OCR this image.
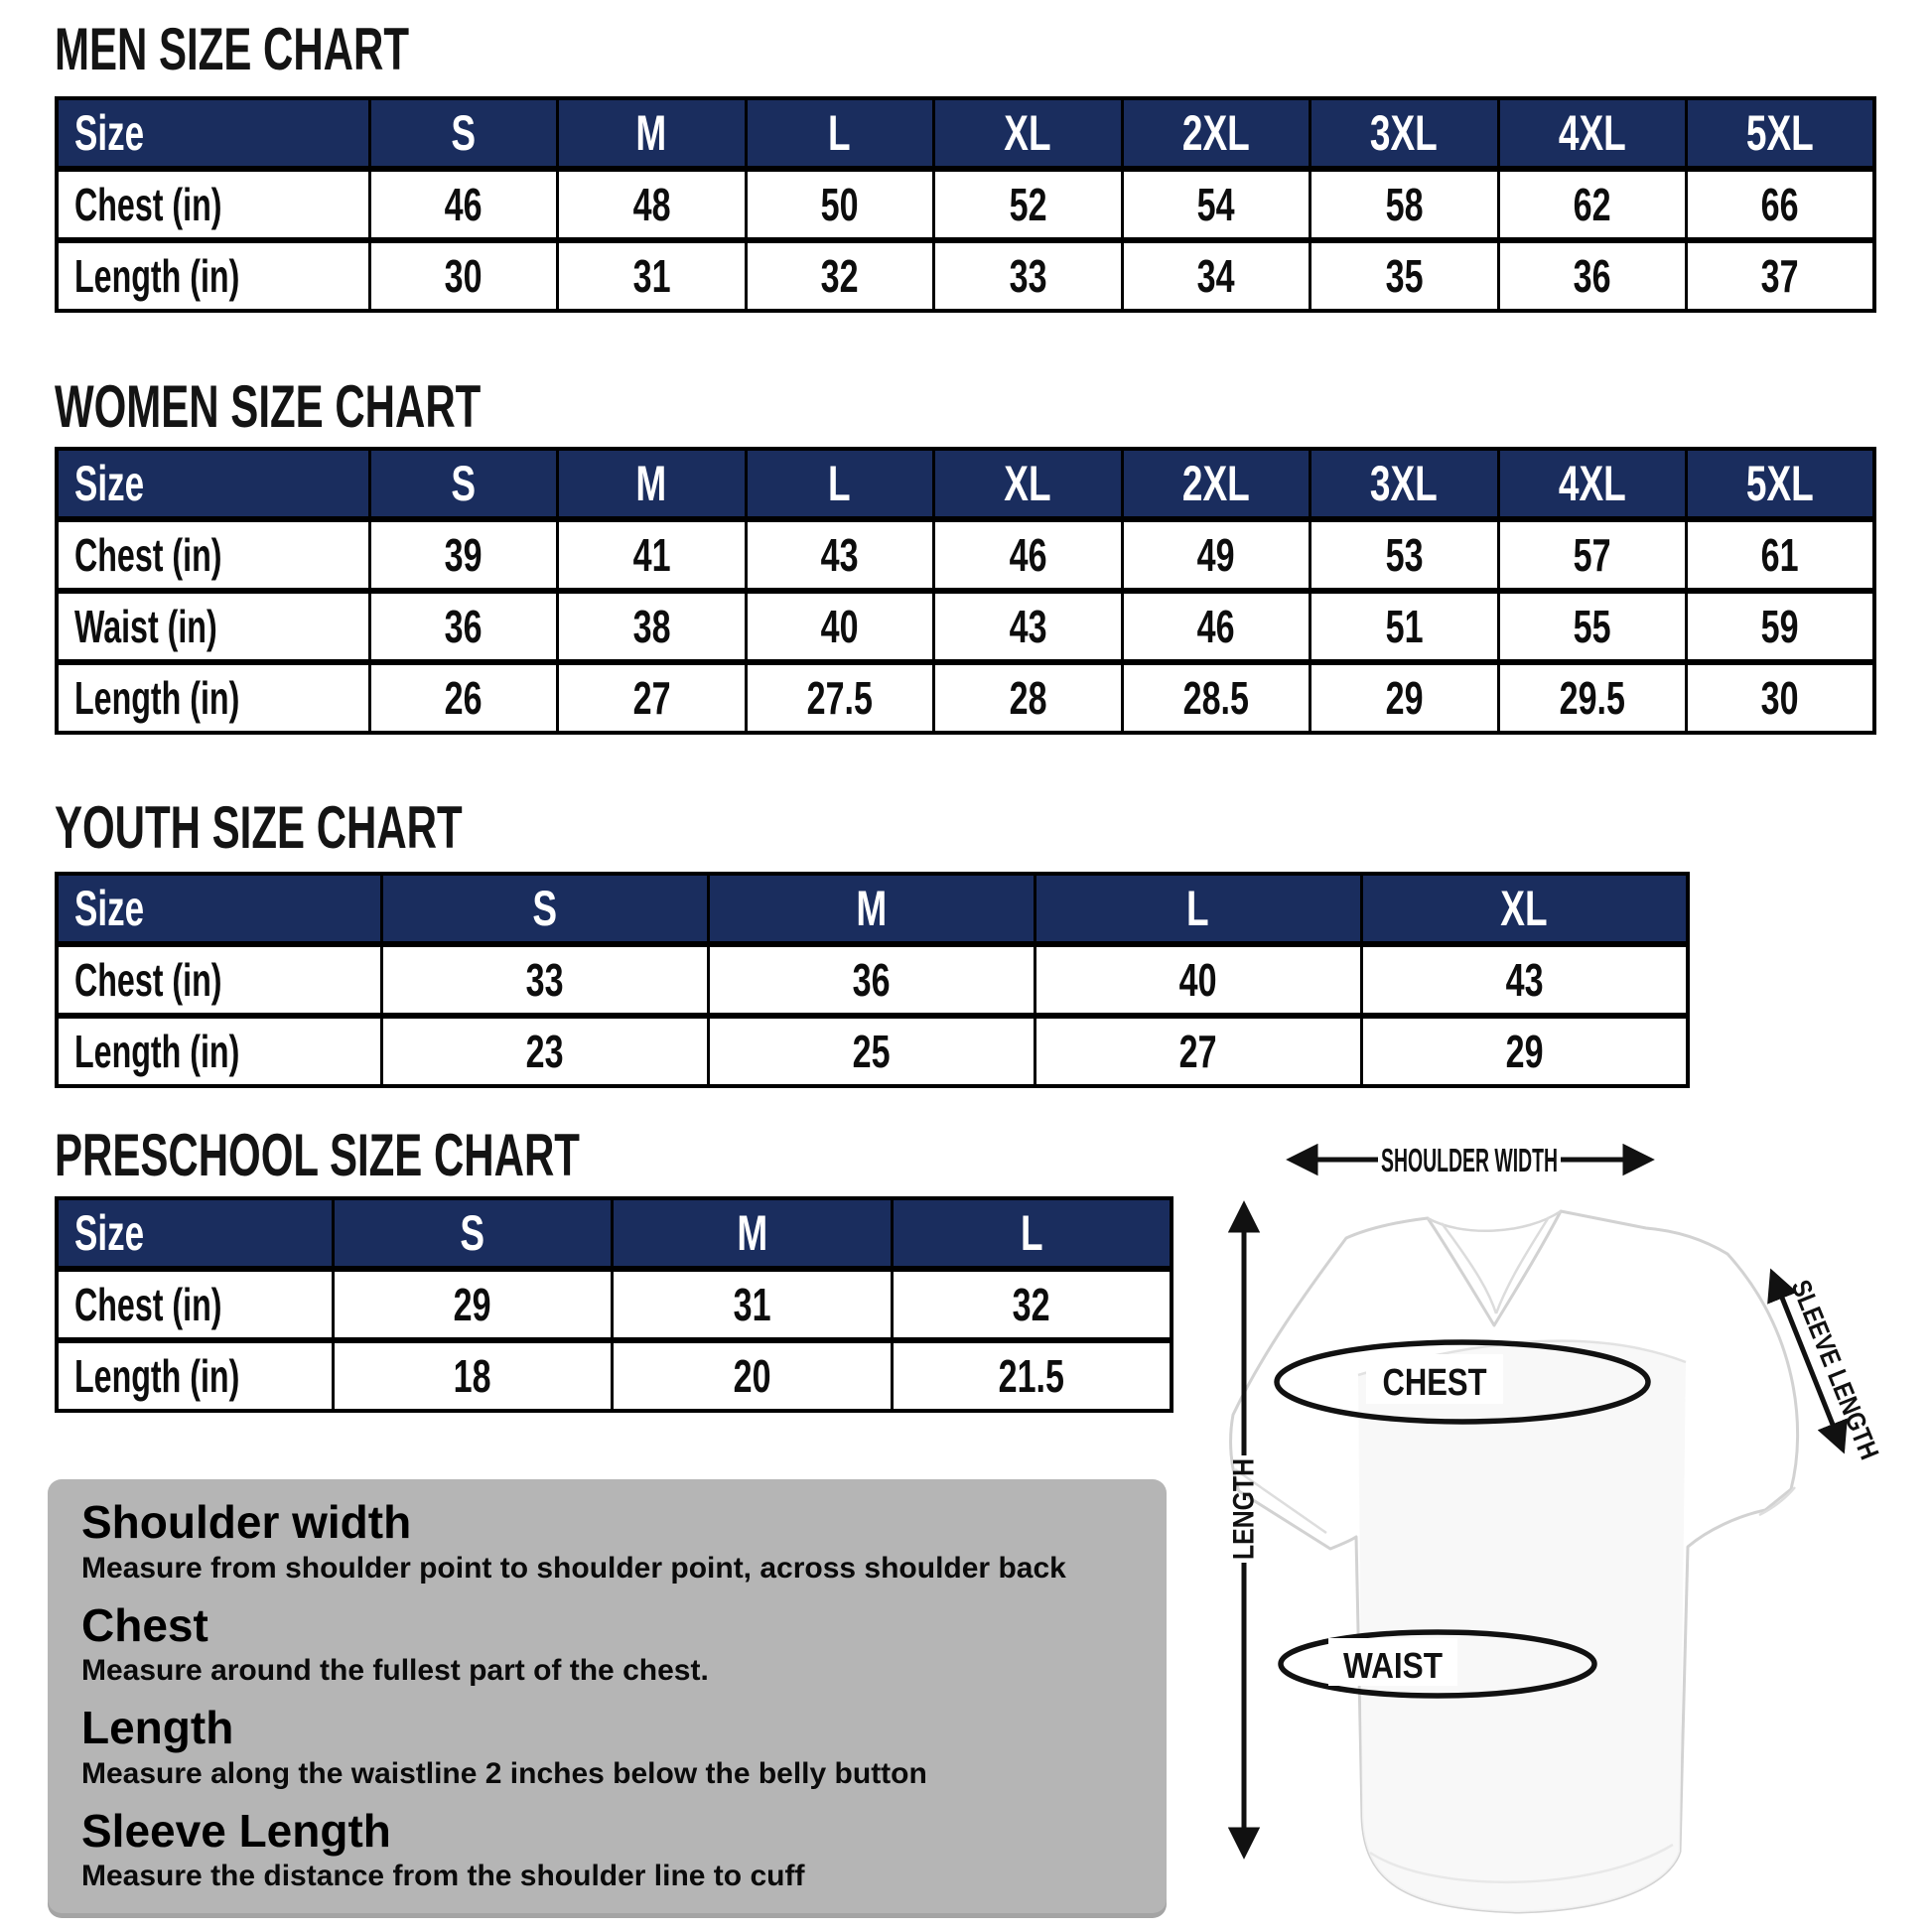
MEN SIZE CHART
Size	S	M	L	XL	2XL	3XL	4XL	5XL
Chest (in)	46	48	50	52	54	58	62	66
Length (in)	30	31	32	33	34	35	36	37
WOMEN SIZE CHART
Size	S	M	L	XL	2XL	3XL	4XL	5XL
Chest (in)	39	41	43	46	49	53	57	61
Waist (in)	36	38	40	43	46	51	55	59
Length (in)	26	27	27.5	28	28.5	29	29.5	30
YOUTH SIZE CHART
Size	S	M	L	XL
Chest (in)	33	36	40	43
Length (in)	23	25	27	29
PRESCHOOL SIZE CHART
Size	S	M	L
Chest (in)	29	31	32
Length (in)	18	20	21.5
Shoulder width
Measure from shoulder point to shoulder point, across shoulder back
Chest
Measure around the fullest part of the chest.
Length
Measure along the waistline 2 inches below the belly button
Sleeve Length
Measure the distance from the shoulder line to cuff
CHEST
WAIST
SHOULDER WIDTH
LENGTH
SLEEVE LENGTH
